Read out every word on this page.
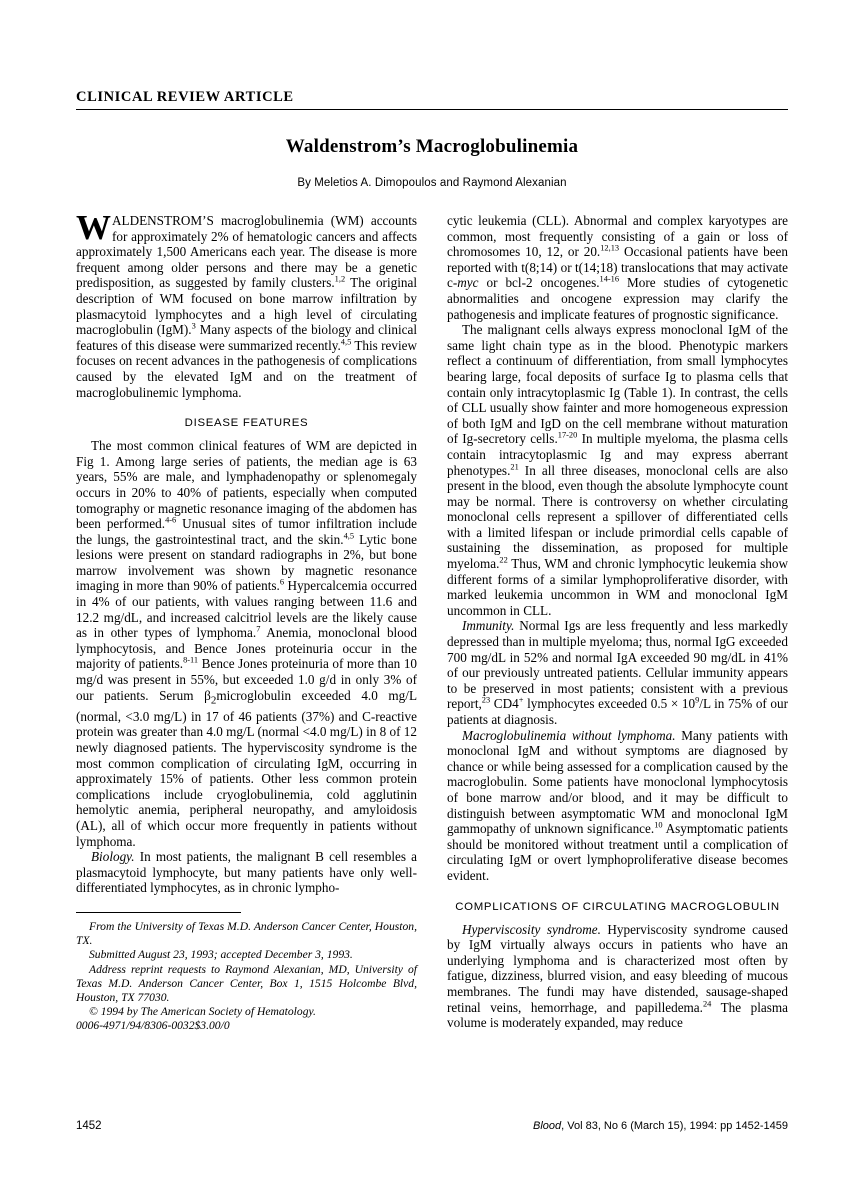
CLINICAL REVIEW ARTICLE
Waldenstrom’s Macroglobulinemia
By Meletios A. Dimopoulos and Raymond Alexanian

WALDENSTROM’S macroglobulinemia (WM) accounts for approximately 2% of hematologic cancers and affects approximately 1,500 Americans each year. The disease is more frequent among older persons and there may be a genetic predisposition, as suggested by family clusters.$^{1,2}$ The original description of WM focused on bone marrow infiltration by plasmacytoid lymphocytes and a high level of circulating macroglobulin (IgM).$^3$ Many aspects of the biology and clinical features of this disease were summarized recently.$^{4,5}$ This review focuses on recent advances in the pathogenesis of complications caused by the elevated IgM and on the treatment of macroglobulinemic lymphoma.

DISEASE FEATURES

The most common clinical features of WM are depicted in Fig 1. Among large series of patients, the median age is 63 years, 55% are male, and lymphadenopathy or splenomegaly occurs in 20% to 40% of patients, especially when computed tomography or magnetic resonance imaging of the abdomen has been performed.$^{4-6}$ Unusual sites of tumor infiltration include the lungs, the gastrointestinal tract, and the skin.$^{4,5}$ Lytic bone lesions were present on standard radiographs in 2%, but bone marrow involvement was shown by magnetic resonance imaging in more than 90% of patients.$^6$ Hypercalcemia occurred in 4% of our patients, with values ranging between 11.6 and 12.2 mg/dL, and increased calcitriol levels are the likely cause as in other types of lymphoma.$^7$ Anemia, monoclonal blood lymphocytosis, and Bence Jones proteinuria occur in the majority of patients.$^{8-11}$ Bence Jones proteinuria of more than 10 mg/d was present in 55%, but exceeded 1.0 g/d in only 3% of our patients. Serum $\beta_2microglobulin$ exceeded 4.0 mg/L (normal, <3.0 mg/L) in 17 of 46 patients (37%) and C-reactive protein was greater than 4.0 mg/L (normal <4.0 mg/L) in 8 of 12 newly diagnosed patients. The hyperviscosity syndrome is the most common complication of circulating IgM, occurring in approximately 15% of patients. Other less common protein complications include cryoglobulinemia, cold agglutinin hemolytic anemia, peripheral neuropathy, and amyloidosis (AL), all of which occur more frequently in patients without lymphoma.

Biology. In most patients, the malignant B cell resembles a plasmacytoid lymphocyte, but many patients have only well-differentiated lymphocytes, as in chronic lympho-

From the University of Texas M.D. Anderson Cancer Center, Houston, TX.

Submitted August 23, 1993; accepted December 3, 1993.

Address reprint requests to Raymond Alexanian, MD, University of Texas M.D. Anderson Cancer Center, Box 1, 1515 Holcombe Blvd, Houston, TX 77030.

© 1994 by The American Society of Hematology.

0006-4971/94/8306-0032$3.00/0

cytic leukemia (CLL). Abnormal and complex karyotypes are common, most frequently consisting of a gain or loss of chromosomes 10, 12, or 20.$^{12,13}$ Occasional patients have been reported with t(8;14) or t(14;18) translocations that may activate c-myc or bcl-2 oncogenes.$^{14-16}$ More studies of cytogenetic abnormalities and oncogene expression may clarify the pathogenesis and implicate features of prognostic significance.

The malignant cells always express monoclonal IgM of the same light chain type as in the blood. Phenotypic markers reflect a continuum of differentiation, from small lymphocytes bearing large, focal deposits of surface Ig to plasma cells that contain only intracytoplasmic Ig (Table 1). In contrast, the cells of CLL usually show fainter and more homogeneous expression of both IgM and IgD on the cell membrane without maturation of Ig-secretory cells.$^{17-20}$ In multiple myeloma, the plasma cells contain intracytoplasmic Ig and may express aberrant phenotypes.$^{21}$ In all three diseases, monoclonal cells are also present in the blood, even though the absolute lymphocyte count may be normal. There is controversy on whether circulating monoclonal cells represent a spillover of differentiated cells with a limited lifespan or include primordial cells capable of sustaining the dissemination, as proposed for multiple myeloma.$^{22}$ Thus, WM and chronic lymphocytic leukemia show different forms of a similar lymphoproliferative disorder, with marked leukemia uncommon in WM and monoclonal IgM uncommon in CLL.

Immunity. Normal Igs are less frequently and less markedly depressed than in multiple myeloma; thus, normal IgG exceeded 700 mg/dL in 52% and normal IgA exceeded 90 mg/dL in 41% of our previously untreated patients. Cellular immunity appears to be preserved in most patients; consistent with a previous report,$^{23}$ CD4+ lymphocytes exceeded $0.5 \times 10^9/L$ in 75% of our patients at diagnosis.

Macroglobulinemia without lymphoma. Many patients with monoclonal IgM and without symptoms are diagnosed by chance or while being assessed for a complication caused by the macroglobulin. Some patients have monoclonal lymphocytosis of bone marrow and/or blood, and it may be difficult to distinguish between asymptomatic WM and monoclonal IgM gammopathy of unknown significance.$^{10}$ Asymptomatic patients should be monitored without treatment until a complication of circulating IgM or overt lymphoproliferative disease becomes evident.

COMPLICATIONS OF CIRCULATING MACROGLOBULIN

Hyperviscosity syndrome. Hyperviscosity syndrome caused by IgM virtually always occurs in patients who have an underlying lymphoma and is characterized most often by fatigue, dizziness, blurred vision, and easy bleeding of mucous membranes. The fundi may have distended, sausage-shaped retinal veins, hemorrhage, and papilledema.$^{24}$ The plasma volume is moderately expanded, may reduce

1452	Blood, Vol 83, No 6 (March 15), 1994: pp 1452-1459
